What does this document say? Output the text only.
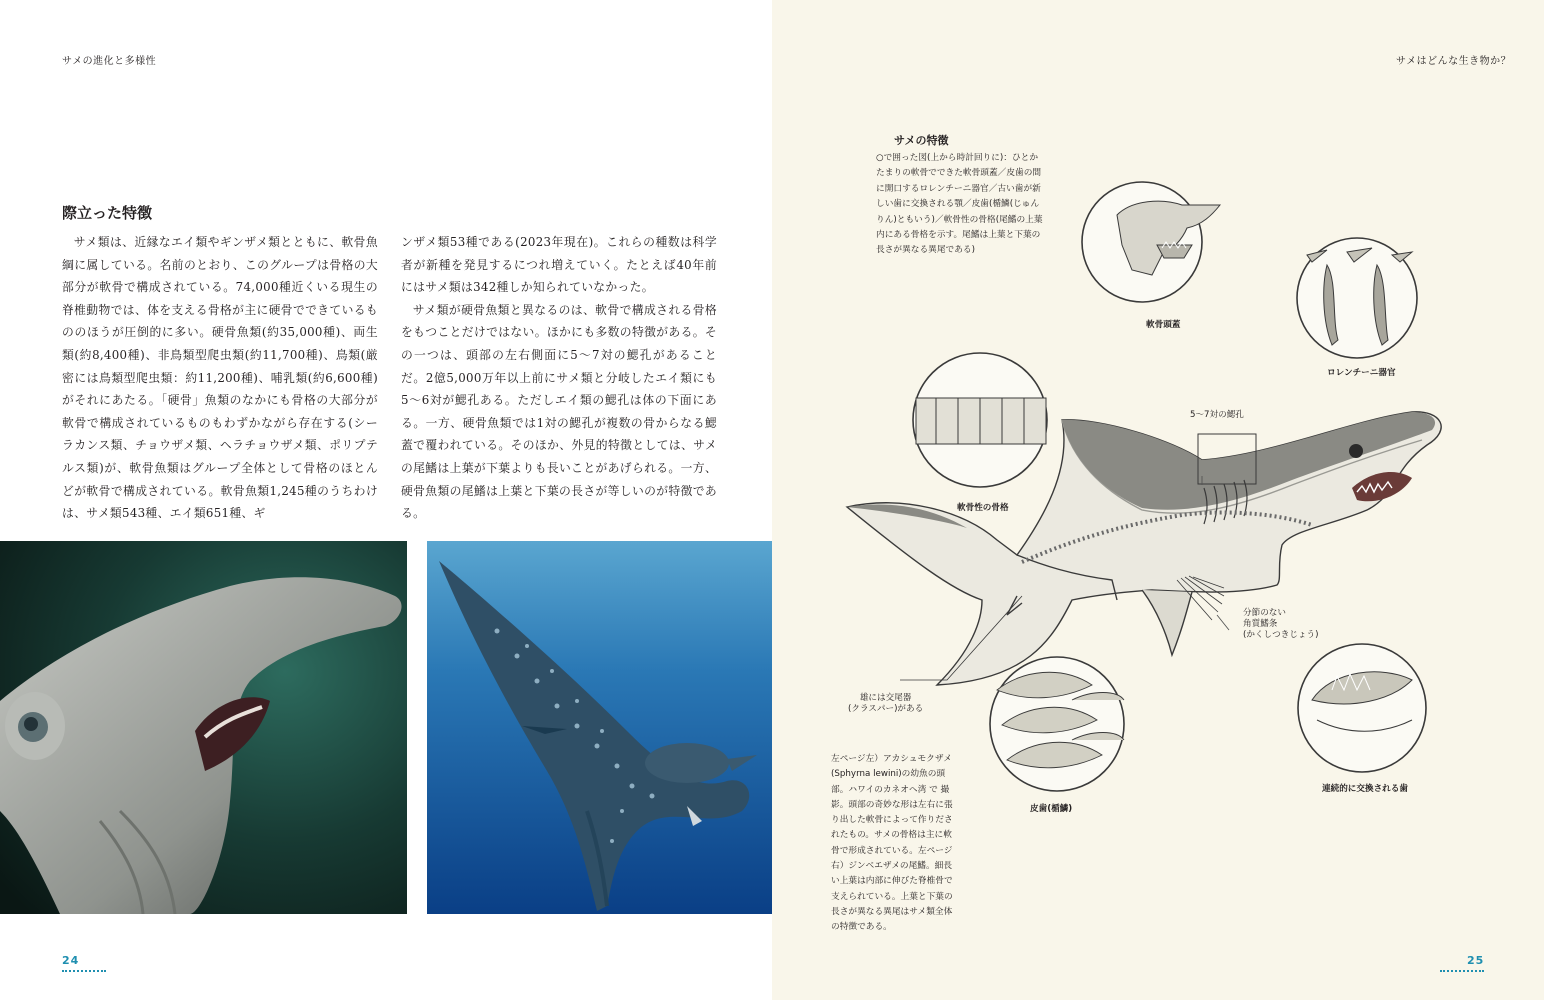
サメの進化と多様性
際立った特徴

サメ類は、近縁なエイ類やギンザメ類とともに、軟骨魚綱に属している。名前のとおり、このグループは骨格の大部分が軟骨で構成されている。74,000種近くいる現生の脊椎動物では、体を支える骨格が主に硬骨でできているもののほうが圧倒的に多い。硬骨魚類(約35,000種)、両生類(約8,400種)、非鳥類型爬虫類(約11,700種)、鳥類(厳密には鳥類型爬虫類：約11,200種)、哺乳類(約6,600種)がそれにあたる。「硬骨」魚類のなかにも骨格の大部分が軟骨で構成されているものもわずかながら存在する(シーラカンス類、チョウザメ類、ヘラチョウザメ類、ポリプテルス類)が、軟骨魚類はグループ全体として骨格のほとんどが軟骨で構成されている。軟骨魚類1,245種のうちわけは、サメ類543種、エイ類651種、ギ

ンザメ類53種である(2023年現在)。これらの種数は科学者が新種を発見するにつれ増えていく。たとえば40年前にはサメ類は342種しか知られていなかった。

サメ類が硬骨魚類と異なるのは、軟骨で構成される骨格をもつことだけではない。ほかにも多数の特徴がある。その一つは、頭部の左右側面に5〜7対の鰓孔があることだ。2億5,000万年以上前にサメ類と分岐したエイ類にも5〜6対が鰓孔ある。ただしエイ類の鰓孔は体の下面にある。一方、硬骨魚類では1対の鰓孔が複数の骨からなる鰓蓋で覆われている。そのほか、外見的特徴としては、サメの尾鰭は上葉が下葉よりも長いことがあげられる。一方、硬骨魚類の尾鰭は上葉と下葉の長さが等しいのが特徴である。

24
サメはどんな生き物か？
サメの特徴
○で囲った図(上から時計回りに)：ひとかたまりの軟骨でできた軟骨頭蓋／皮歯の間に開口するロレンチーニ器官／古い歯が新しい歯に交換される顎／皮歯(楯鱗(じゅんりん)ともいう)／軟骨性の骨格(尾鰭の上葉内にある骨格を示す。尾鰭は上葉と下葉の長さが異なる異尾である)
軟骨頭蓋
ロレンチーニ器官
軟骨性の骨格
5〜7対の鰓孔
分節のない
角質鰭条
(かくしつきじょう)
雄には交尾器
(クラスパー)がある
皮歯(楯鱗)
連続的に交換される歯
左ページ左）アカシュモクザメ(Sphyrna lewini)の幼魚の頭部。ハワイのカネオヘ湾 で 撮影。頭部の奇妙な形は左右に張り出した軟骨によって作りだされたもの。サメの骨格は主に軟骨で形成されている。左ページ右）ジンベエザメの尾鰭。細長い上葉は内部に伸びた脊椎骨で支えられている。上葉と下葉の長さが異なる異尾はサメ類全体の特徴である。
25
